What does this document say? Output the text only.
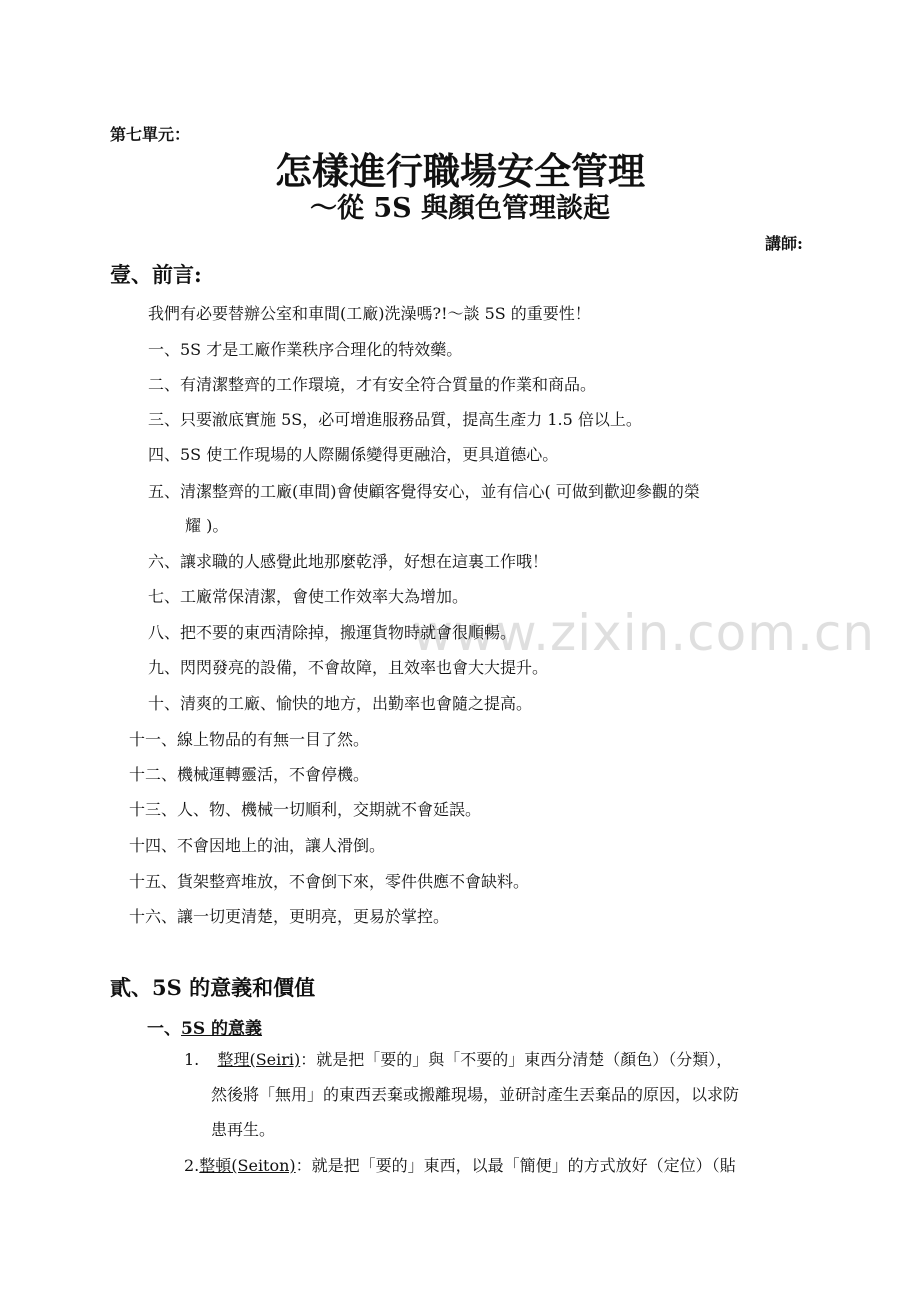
第七單元：
怎樣進行職場安全管理
～從 5S 與顏色管理談起
講師:
壹、前言:
我們有必要替辦公室和車間(工廠)洗澡嗎?!～談 5S 的重要性！
一、5S 才是工廠作業秩序合理化的特效藥。
二、有清潔整齊的工作環境，才有安全符合質量的作業和商品。
三、只要澈底實施 5S，必可增進服務品質，提高生產力 1.5 倍以上。
四、5S 使工作現場的人際關係變得更融洽，更具道德心。
五、清潔整齊的工廠(車間)會使顧客覺得安心，並有信心( 可做到歡迎參觀的榮
耀 )。
六、讓求職的人感覺此地那麼乾淨，好想在這裏工作哦！
七、工廠常保清潔，會使工作效率大為增加。
八、把不要的東西清除掉，搬運貨物時就會很順暢。
九、閃閃發亮的設備，不會故障，且效率也會大大提升。
十、清爽的工廠、愉快的地方，出勤率也會隨之提高。
十一、線上物品的有無一目了然。
十二、機械運轉靈活，不會停機。
十三、人、物、機械一切順利，交期就不會延誤。
十四、不會因地上的油，讓人滑倒。
十五、貨架整齊堆放，不會倒下來，零件供應不會缺料。
十六、讓一切更清楚，更明亮，更易於掌控。
貳、5S 的意義和價值
一、5S 的意義
1. 整理(Seiri)：就是把「要的」與「不要的」東西分清楚（顏色）（分類），
然後將「無用」的東西丟棄或搬離現場，並研討產生丟棄品的原因，以求防
患再生。
2.整頓(Seiton)：就是把「要的」東西，以最「簡便」的方式放好（定位）（貼
www.zixin.com.cn
